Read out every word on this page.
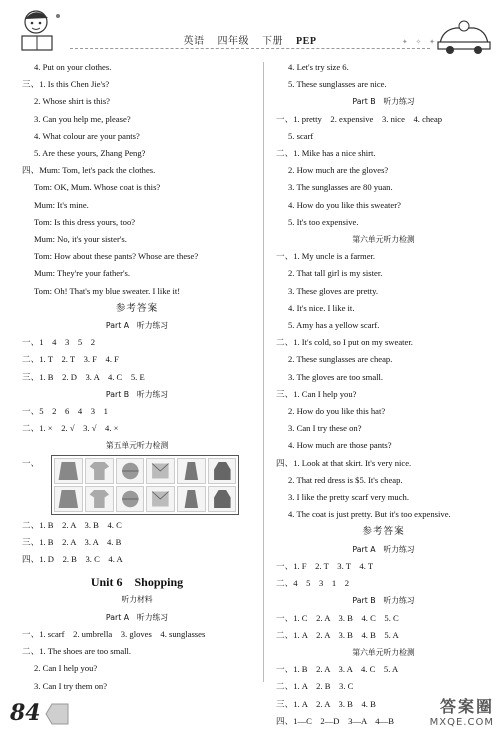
英语 四年级 下册 PEP	✦ ✧ ✦
4. Put on your clothes.
三、1. Is this Chen Jie's?
2. Whose shirt is this?
3. Can you help me, please?
4. What colour are your pants?
5. Are these yours, Zhang Peng?
四、Mum: Tom, let's pack the clothes.
Tom: OK, Mum. Whose coat is this?
Mum: It's mine.
Tom: Is this dress yours, too?
Mum: No, it's your sister's.
Tom: How about these pants? Whose are these?
Mum: They're your father's.
Tom: Oh! That's my blue sweater. I like it!
参考答案
Part A　听力练习
一、1　4　3　5　2
二、1. T　2. T　3. F　4. F
三、1. B　2. D　3. A　4. C　5. E
Part B　听力练习
一、5　2　6　4　3　1
二、1. ×　2. √　3. √　4. ×
第五单元听力检测
一、
二、1. B　2. A　3. B　4. C
三、1. B　2. A　3. A　4. B
四、1. D　2. B　3. C　4. A
Unit 6　Shopping
听力材料
Part A　听力练习
一、1. scarf　2. umbrella　3. gloves　4. sunglasses
二、1. The shoes are too small.
2. Can I help you?
3. Can I try them on?
4. Let's try size 6.
5. These sunglasses are nice.
Part B　听力练习
一、1. pretty　2. expensive　3. nice　4. cheap
5. scarf
二、1. Mike has a nice shirt.
2. How much are the gloves?
3. The sunglasses are 80 yuan.
4. How do you like this sweater?
5. It's too expensive.
第六单元听力检测
一、1. My uncle is a farmer.
2. That tall girl is my sister.
3. These gloves are pretty.
4. It's nice. I like it.
5. Amy has a yellow scarf.
二、1. It's cold, so I put on my sweater.
2. These sunglasses are cheap.
3. The gloves are too small.
三、1. Can I help you?
2. How do you like this hat?
3. Can I try these on?
4. How much are those pants?
四、1. Look at that skirt. It's very nice.
2. That red dress is $5. It's cheap.
3. I like the pretty scarf very much.
4. The coat is just pretty. But it's too expensive.
参考答案
Part A　听力练习
一、1. F　2. T　3. T　4. T
二、4　5　3　1　2
Part B　听力练习
一、1. C　2. A　3. B　4. C　5. C
二、1. A　2. A　3. B　4. B　5. A
第六单元听力检测
一、1. B　2. A　3. A　4. C　5. A
二、1. A　2. B　3. C
三、1. A　2. A　3. B　4. B
四、1—C　2—D　3—A　4—B
84	答案圈
MXQE.COM
